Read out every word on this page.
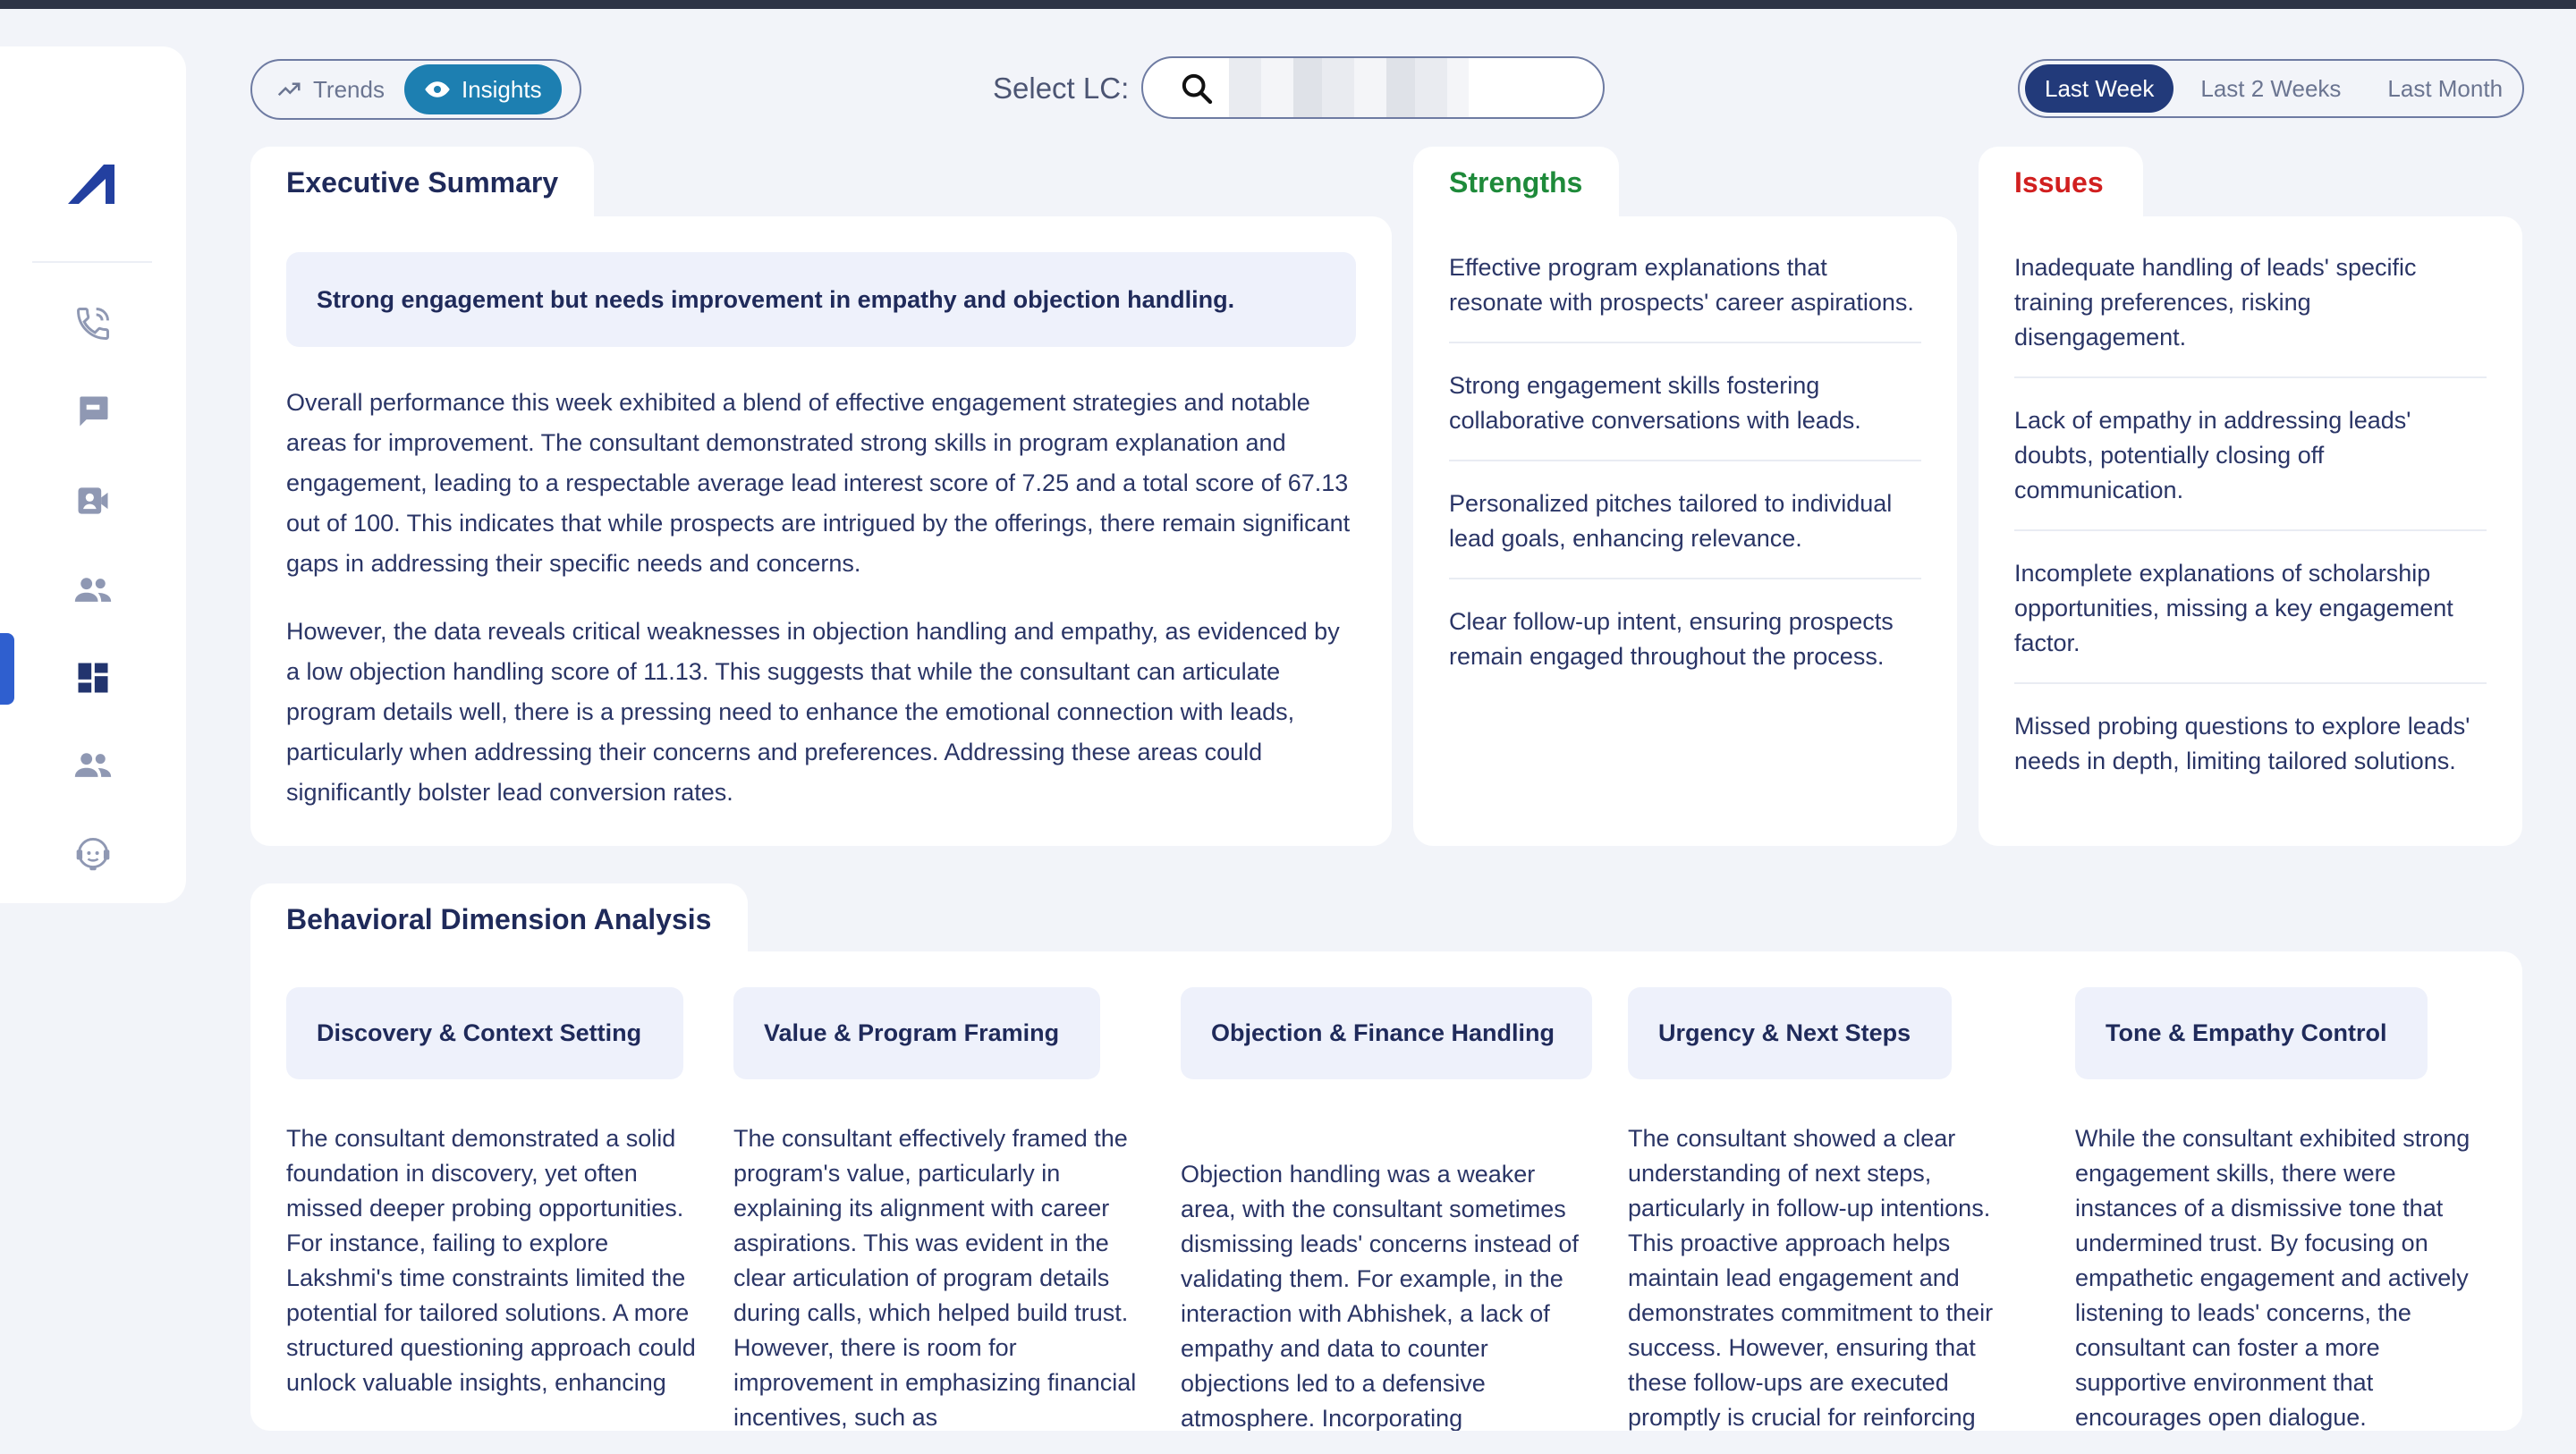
Trends	Insights	Select LC:	Last Week	Last 2 Weeks	Last Month
Executive Summary
Strong engagement but needs improvement in empathy and objection handling.

Overall performance this week exhibited a blend of effective engagement strategies and notable areas for improvement. The consultant demonstrated strong skills in program explanation and engagement, leading to a respectable average lead interest score of 7.25 and a total score of 67.13 out of 100. This indicates that while prospects are intrigued by the offerings, there remain significant gaps in addressing their specific needs and concerns.

However, the data reveals critical weaknesses in objection handling and empathy, as evidenced by a low objection handling score of 11.13. This suggests that while the consultant can articulate program details well, there is a pressing need to enhance the emotional connection with leads, particularly when addressing their concerns and preferences. Addressing these areas could significantly bolster lead conversion rates.

Strengths
Effective program explanations that resonate with prospects' career aspirations.
Strong engagement skills fostering collaborative conversations with leads.
Personalized pitches tailored to individual lead goals, enhancing relevance.
Clear follow-up intent, ensuring prospects remain engaged throughout the process.
Issues
Inadequate handling of leads' specific training preferences, risking disengagement.
Lack of empathy in addressing leads' doubts, potentially closing off communication.
Incomplete explanations of scholarship opportunities, missing a key engagement factor.
Missed probing questions to explore leads' needs in depth, limiting tailored solutions.
Behavioral Dimension Analysis
Discovery & Context Setting
The consultant demonstrated a solid foundation in discovery, yet often missed deeper probing opportunities. For instance, failing to explore Lakshmi's time constraints limited the potential for tailored solutions. A more structured questioning approach could unlock valuable insights, enhancing
Value & Program Framing
The consultant effectively framed the program's value, particularly in explaining its alignment with career aspirations. This was evident in the clear articulation of program details during calls, which helped build trust. However, there is room for improvement in emphasizing financial incentives, such as
Objection & Finance Handling
Objection handling was a weaker area, with the consultant sometimes dismissing leads' concerns instead of validating them. For example, in the interaction with Abhishek, a lack of empathy and data to counter objections led to a defensive atmosphere. Incorporating
Urgency & Next Steps
The consultant showed a clear understanding of next steps, particularly in follow-up intentions. This proactive approach helps maintain lead engagement and demonstrates commitment to their success. However, ensuring that these follow-ups are executed promptly is crucial for reinforcing
Tone & Empathy Control
While the consultant exhibited strong engagement skills, there were instances of a dismissive tone that undermined trust. By focusing on empathetic engagement and actively listening to leads' concerns, the consultant can foster a more supportive environment that encourages open dialogue.
